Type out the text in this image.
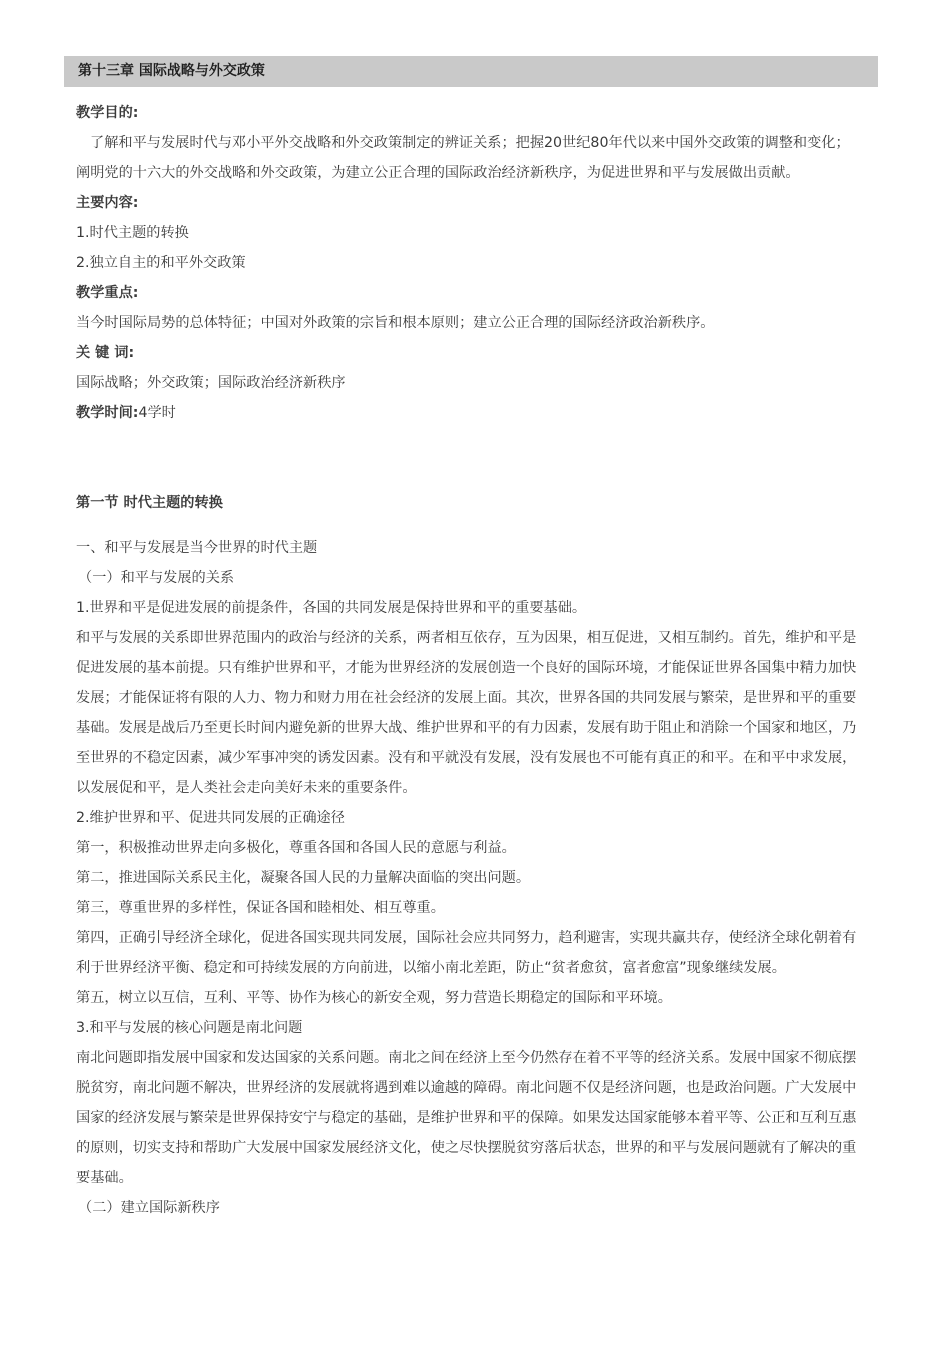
第十三章 国际战略与外交政策

教学目的:

了解和平与发展时代与邓小平外交战略和外交政策制定的辨证关系；把握20世纪80年代以来中国外交政策的调整和变化；阐明党的十六大的外交战略和外交政策，为建立公正合理的国际政治经济新秩序，为促进世界和平与发展做出贡献。

主要内容:

1.时代主题的转换

2.独立自主的和平外交政策

教学重点:

当今时国际局势的总体特征；中国对外政策的宗旨和根本原则；建立公正合理的国际经济政治新秩序。

关 键 词:

国际战略；外交政策；国际政治经济新秩序

教学时间:4学时

第一节 时代主题的转换

一、和平与发展是当今世界的时代主题

（一）和平与发展的关系

1.世界和平是促进发展的前提条件，各国的共同发展是保持世界和平的重要基础。

和平与发展的关系即世界范围内的政治与经济的关系，两者相互依存，互为因果，相互促进，又相互制约。首先，维护和平是促进发展的基本前提。只有维护世界和平，才能为世界经济的发展创造一个良好的国际环境，才能保证世界各国集中精力加快发展；才能保证将有限的人力、物力和财力用在社会经济的发展上面。其次，世界各国的共同发展与繁荣，是世界和平的重要基础。发展是战后乃至更长时间内避免新的世界大战、维护世界和平的有力因素，发展有助于阻止和消除一个国家和地区，乃至世界的不稳定因素，减少军事冲突的诱发因素。没有和平就没有发展，没有发展也不可能有真正的和平。在和平中求发展，以发展促和平，是人类社会走向美好未来的重要条件。

2.维护世界和平、促进共同发展的正确途径

第一，积极推动世界走向多极化，尊重各国和各国人民的意愿与利益。

第二，推进国际关系民主化，凝聚各国人民的力量解决面临的突出问题。

第三，尊重世界的多样性，保证各国和睦相处、相互尊重。

第四，正确引导经济全球化，促进各国实现共同发展，国际社会应共同努力，趋利避害，实现共赢共存，使经济全球化朝着有利于世界经济平衡、稳定和可持续发展的方向前进，以缩小南北差距，防止“贫者愈贫，富者愈富”现象继续发展。

第五，树立以互信，互利、平等、协作为核心的新安全观，努力营造长期稳定的国际和平环境。

3.和平与发展的核心问题是南北问题

南北问题即指发展中国家和发达国家的关系问题。南北之间在经济上至今仍然存在着不平等的经济关系。发展中国家不彻底摆脱贫穷，南北问题不解决，世界经济的发展就将遇到难以逾越的障碍。南北问题不仅是经济问题，也是政治问题。广大发展中国家的经济发展与繁荣是世界保持安宁与稳定的基础，是维护世界和平的保障。如果发达国家能够本着平等、公正和互利互惠的原则，切实支持和帮助广大发展中国家发展经济文化，使之尽快摆脱贫穷落后状态，世界的和平与发展问题就有了解决的重要基础。

（二）建立国际新秩序
